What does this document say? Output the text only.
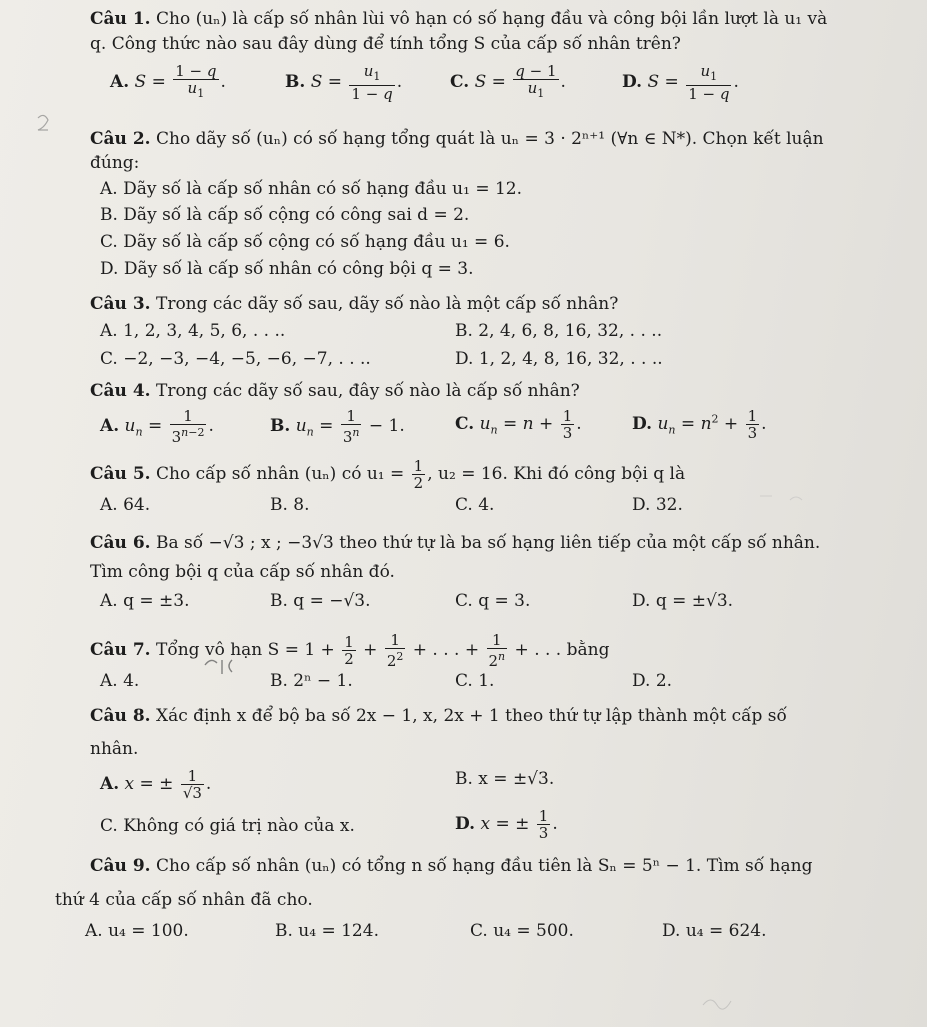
Câu 1. Cho (uₙ) là cấp số nhân lùi vô hạn có số hạng đầu và công bội lần lượt là u₁ và
q. Công thức nào sau đây dùng để tính tổng S của cấp số nhân trên?
A. $S = \frac{1 - q}{u_1}$ .	B. $S = \frac{u_1}{1 - q}$ .	C. $S = \frac{q - 1}{u_1}$ .	D. $S = \frac{u_1}{1 - q}$ .
Câu 2. Cho dãy số (uₙ) có số hạng tổng quát là uₙ = 3 · 2ⁿ⁺¹ (∀n ∈ N*). Chọn kết luận
đúng:
A. Dãy số là cấp số nhân có số hạng đầu u₁ = 12.
B. Dãy số là cấp số cộng có công sai d = 2.
C. Dãy số là cấp số cộng có số hạng đầu u₁ = 6.
D. Dãy số là cấp số nhân có công bội q = 3.
Câu 3. Trong các dãy số sau, dãy số nào là một cấp số nhân?
A. 1, 2, 3, 4, 5, 6, . . ..	B. 2, 4, 6, 8, 16, 32, . . ..
C. −2, −3, −4, −5, −6, −7, . . ..	D. 1, 2, 4, 8, 16, 32, . . ..
Câu 4. Trong các dãy số sau, đây số nào là cấp số nhân?
A. $u_n = \frac{1}{3^{n-2}}$ .	B. $u_n = \frac{1}{3^n} - 1$.	C. $u_n = n + \frac{1}{3}$ .	D. $u_n = n^2 + \frac{1}{3}$ .
Câu 5. Cho cấp số nhân (uₙ) có $u_1 = \frac{1}{2}$ , u₂ = 16. Khi đó công bội q là
A. 64.	B. 8.	C. 4.	D. 32.
Câu 6. Ba số −√3 ; x ; −3√3 theo thứ tự là ba số hạng liên tiếp của một cấp số nhân.
Tìm công bội q của cấp số nhân đó.
A. q = ±3.	B. q = −√3.	C. q = 3.	D. q = ±√3.
Câu 7. Tổng vô hạn $S = 1 + \frac{1}{2} + \frac{1}{2^2}$ + . . . + $\frac{1}{2^n}$ + . . . bằng
A. 4.	B. 2ⁿ − 1.	C. 1.	D. 2.
Câu 8. Xác định x để bộ ba số 2x − 1, x, 2x + 1 theo thứ tự lập thành một cấp số
nhân.
A. x = ± $\frac{1}{√3}$ .	B. x = ±√3.
C. Không có giá trị nào của x.	D. x = ± $\frac{1}{3}$ .
Câu 9. Cho cấp số nhân (uₙ) có tổng n số hạng đầu tiên là Sₙ = 5ⁿ − 1. Tìm số hạng
thứ 4 của cấp số nhân đã cho.
A. u₄ = 100.	B. u₄ = 124.	C. u₄ = 500.	D. u₄ = 624.
